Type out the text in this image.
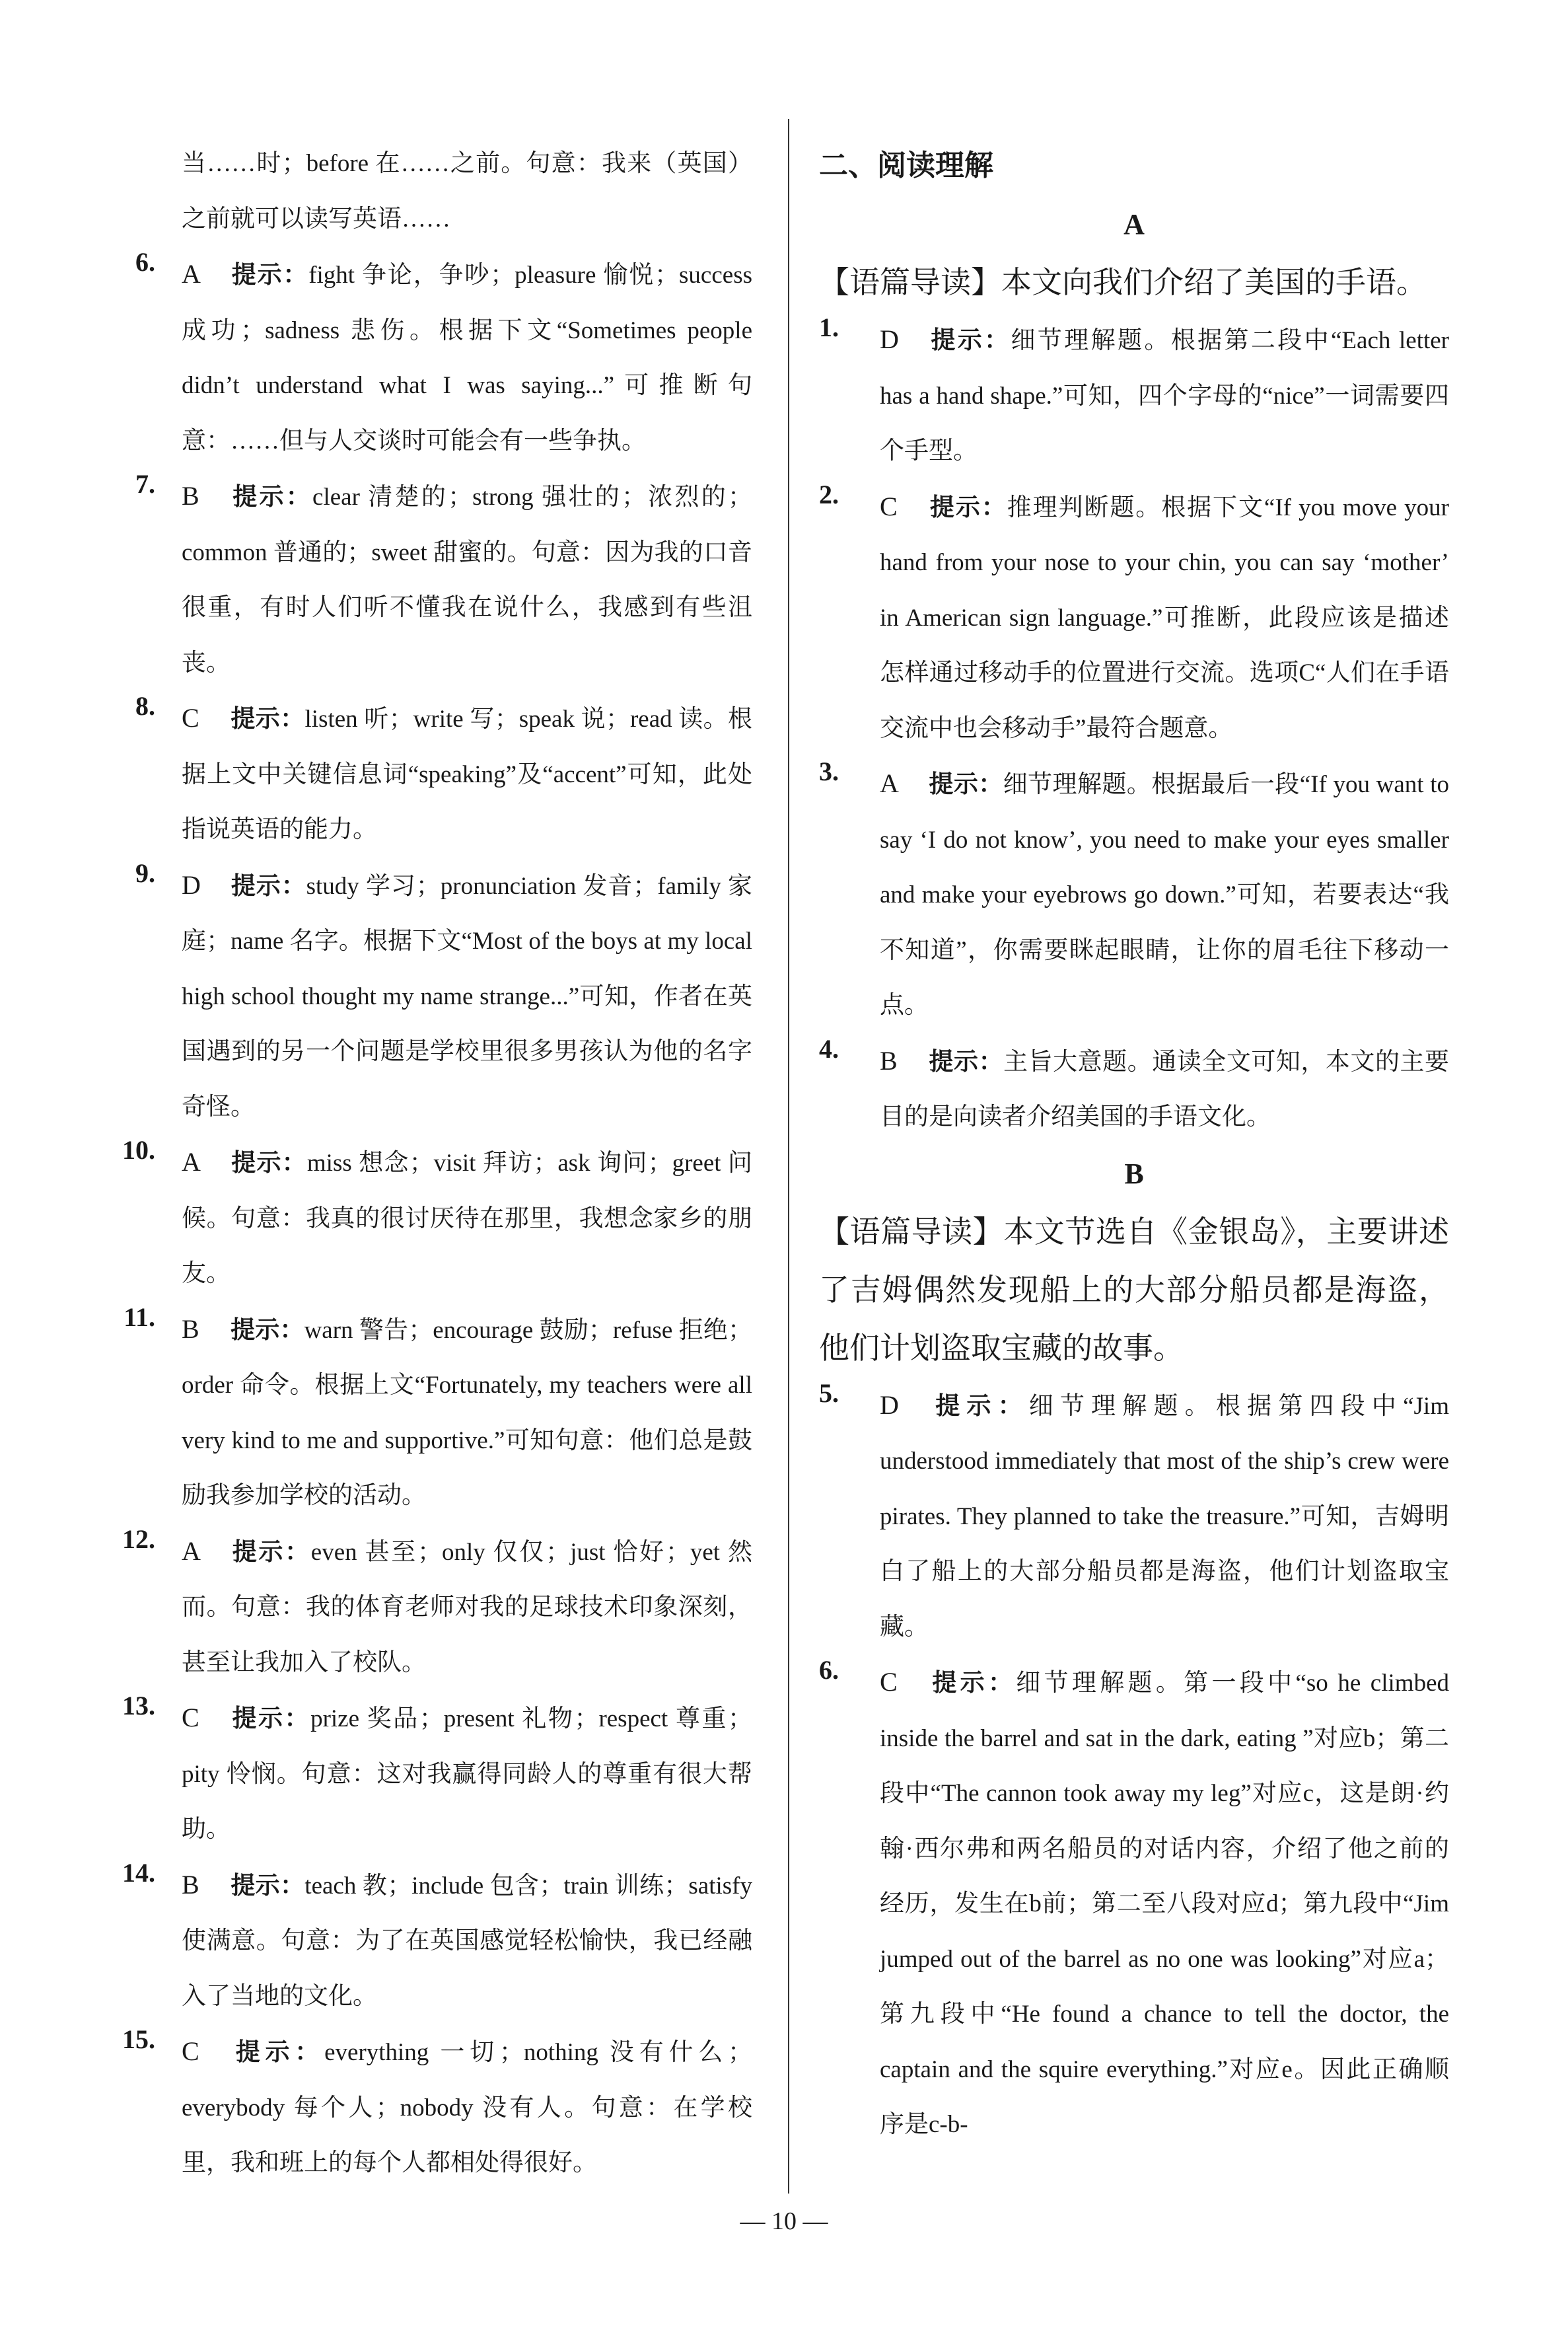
当……时；before 在……之前。句意：我来（英国）之前就可以读写英语……

6. A 提示：fight 争论，争吵；pleasure 愉悦；success 成功；sadness 悲伤。根据下文“Sometimes people didn’t understand what I was saying...”可推断句意：……但与人交谈时可能会有一些争执。

7. B 提示：clear 清楚的；strong 强壮的；浓烈的；common 普通的；sweet 甜蜜的。句意：因为我的口音很重，有时人们听不懂我在说什么，我感到有些沮丧。

8. C 提示：listen 听；write 写；speak 说；read 读。根据上文中关键信息词“speaking”及“accent”可知，此处指说英语的能力。

9. D 提示：study 学习；pronunciation 发音；family 家庭；name 名字。根据下文“Most of the boys at my local high school thought my name strange...”可知，作者在英国遇到的另一个问题是学校里很多男孩认为他的名字奇怪。

10. A 提示：miss 想念；visit 拜访；ask 询问；greet 问候。句意：我真的很讨厌待在那里，我想念家乡的朋友。

11. B 提示：warn 警告；encourage 鼓励；refuse 拒绝；order 命令。根据上文“Fortunately, my teachers were all very kind to me and supportive.”可知句意：他们总是鼓励我参加学校的活动。

12. A 提示：even 甚至；only 仅仅；just 恰好；yet 然而。句意：我的体育老师对我的足球技术印象深刻，甚至让我加入了校队。

13. C 提示：prize 奖品；present 礼物；respect 尊重；pity 怜悯。句意：这对我赢得同龄人的尊重有很大帮助。

14. B 提示：teach 教；include 包含；train 训练；satisfy 使满意。句意：为了在英国感觉轻松愉快，我已经融入了当地的文化。

15. C 提示：everything 一切；nothing 没有什么；everybody 每个人；nobody 没有人。句意：在学校里，我和班上的每个人都相处得很好。

二、阅读理解

A

【语篇导读】本文向我们介绍了美国的手语。

1.	D 提示：细节理解题。根据第二段中“Each letter has a hand shape.”可知，四个字母的“nice”一词需要四个手型。

2.	C 提示：推理判断题。根据下文“If you move your hand from your nose to your chin, you can say ‘mother’ in American sign language.”可推断，此段应该是描述怎样通过移动手的位置进行交流。选项C“人们在手语交流中也会移动手”最符合题意。

3.	A 提示：细节理解题。根据最后一段“If you want to say ‘I do not know’, you need to make your eyes smaller and make your eyebrows go down.”可知，若要表达“我不知道”，你需要眯起眼睛，让你的眉毛往下移动一点。

4.	B 提示：主旨大意题。通读全文可知，本文的主要目的是向读者介绍美国的手语文化。

B

【语篇导读】本文节选自《金银岛》，主要讲述了吉姆偶然发现船上的大部分船员都是海盗，他们计划盗取宝藏的故事。

5.	D 提示：细节理解题。根据第四段中“Jim understood immediately that most of the ship’s crew were pirates. They planned to take the treasure.”可知，吉姆明白了船上的大部分船员都是海盗，他们计划盗取宝藏。

6.	C 提示：细节理解题。第一段中“so he climbed inside the barrel and sat in the dark, eating ”对应b；第二段中“The cannon took away my leg”对应c，这是朗·约翰·西尔弗和两名船员的对话内容，介绍了他之前的经历，发生在b前；第二至八段对应d；第九段中“Jim jumped out of the barrel as no one was looking”对应a；第九段中“He found a chance to tell the doctor, the captain and the squire everything.”对应e。因此正确顺序是c-b-

— 10 —
